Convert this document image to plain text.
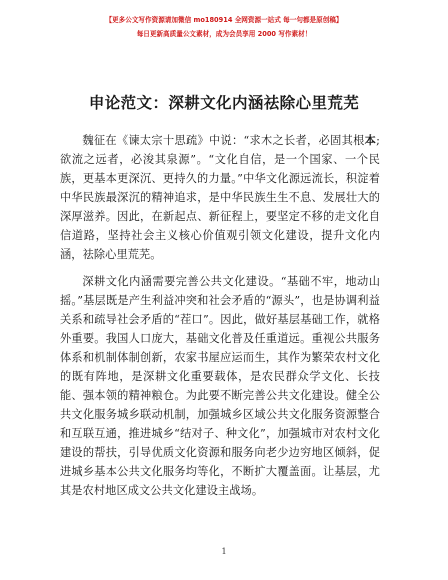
【更多公文写作资源请加微信 mo180914 全网资源一站式 每一句都是原创稿】
每日更新高质量公文素材，成为会员享用 2000 写作素材！
申论范文：深耕文化内涵祛除心里荒芜

魏征在《谏太宗十思疏》中说：“求木之长者，必固其根本;欲流之远者，必浚其泉源”。“文化自信，是一个国家、一个民族，更基本更深沉、更持久的力量。”中华文化源远流长，积淀着中华民族最深沉的精神追求，是中华民族生生不息、发展壮大的深厚滋养。因此，在新起点、新征程上，要坚定不移的走文化自信道路，坚持社会主义核心价值观引领文化建设，提升文化内涵，祛除心里荒芜。

深耕文化内涵需要完善公共文化建设。“基础不牢，地动山摇。”基层既是产生利益冲突和社会矛盾的“源头”，也是协调利益关系和疏导社会矛盾的“茬口”。因此，做好基层基础工作，就格外重要。我国人口庞大，基础文化普及任重道远。重视公共服务体系和机制体制创新，农家书屋应运而生，其作为繁荣农村文化的既有阵地，是深耕文化重要载体，是农民群众学文化、长技能、强本领的精神粮仓。为此要不断完善公共文化建设。健全公共文化服务城乡联动机制，加强城乡区域公共文化服务资源整合和互联互通，推进城乡“结对子、种文化”，加强城市对农村文化建设的帮扶，引导优质文化资源和服务向老少边穷地区倾斜，促进城乡基本公共文化服务均等化，不断扩大覆盖面。让基层，尤其是农村地区成文公共文化建设主战场。

1
